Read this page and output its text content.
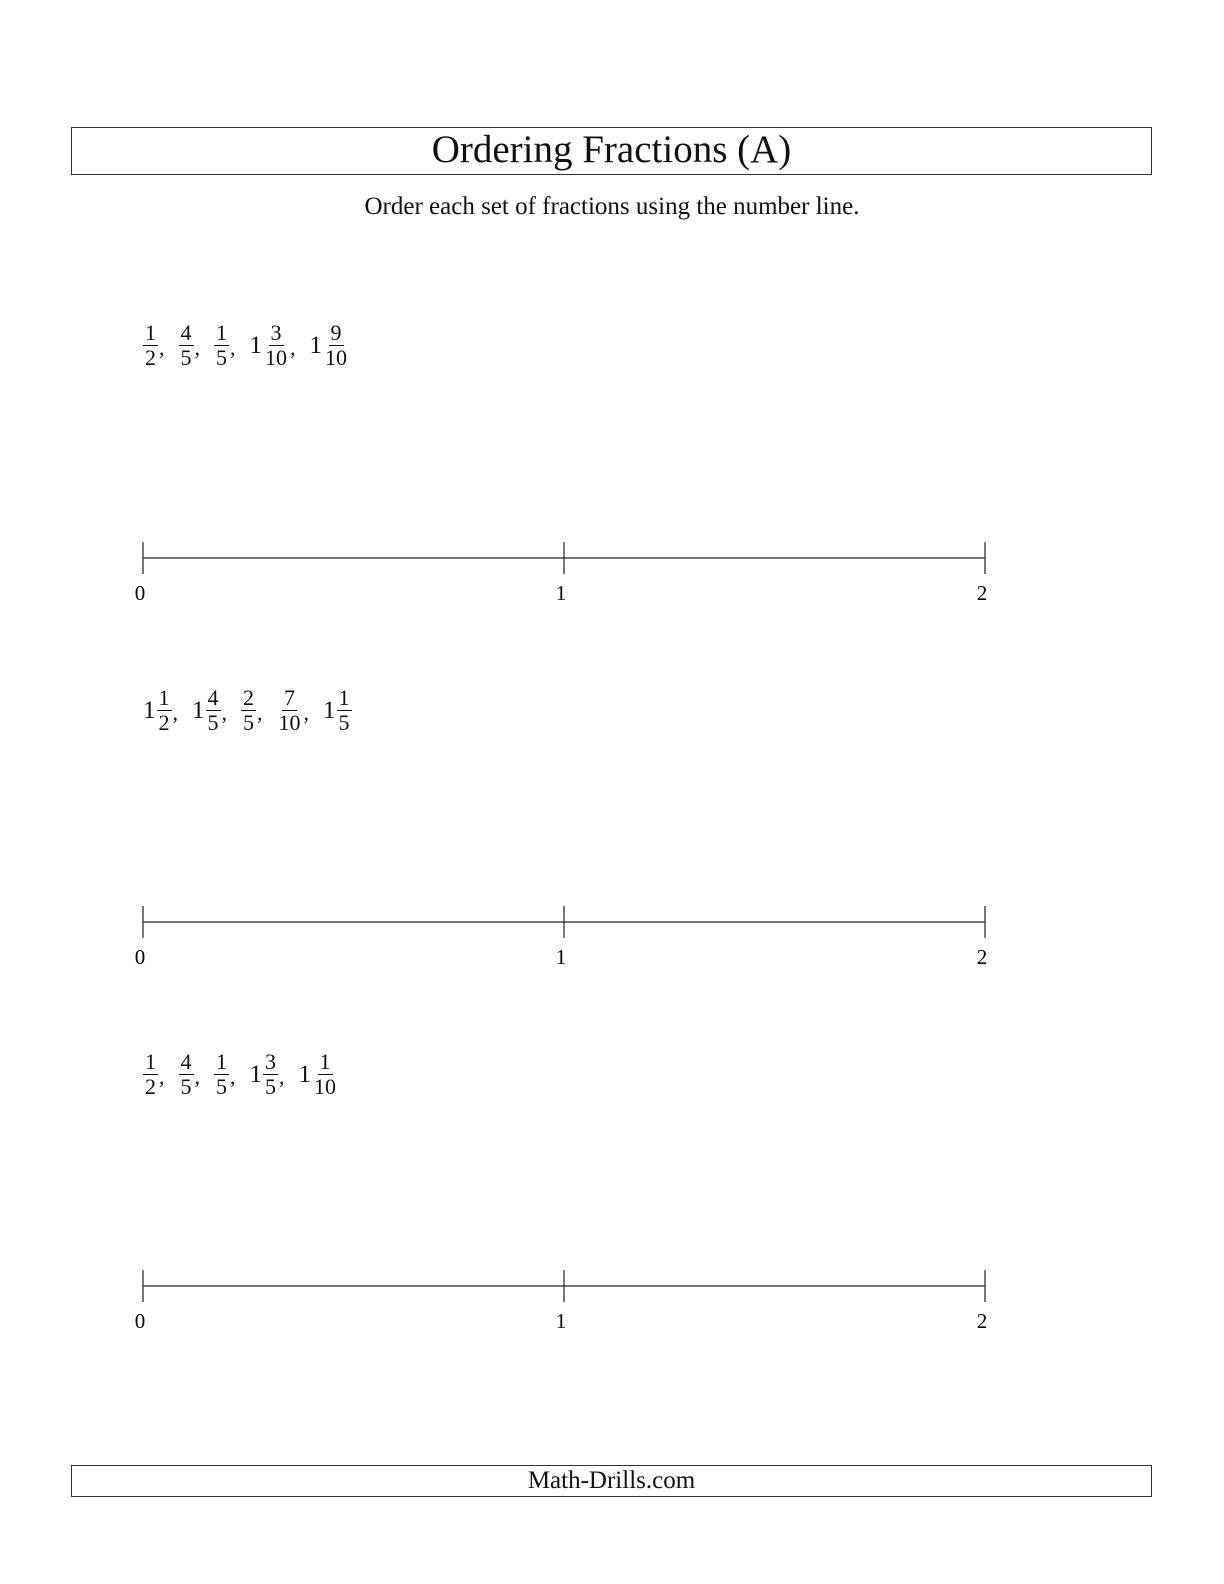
Ordering Fractions (A)
Order each set of fractions using the number line.
$\frac{1}{2}$ , $\frac{4}{5}$ , $\frac{1}{5}$ , $1 \frac{3}{10}$ , $1 \frac{9}{10}$
0	1	2
$1 \frac{1}{2}$ , $1 \frac{4}{5}$ , $\frac{2}{5}$ , $\frac{7}{10}$ , $1 \frac{1}{5}$
0	1	2
$\frac{1}{2}$ , $\frac{4}{5}$ , $\frac{1}{5}$ , $1 \frac{3}{5}$ , $1 \frac{1}{10}$
0	1	2
Math-Drills.com
